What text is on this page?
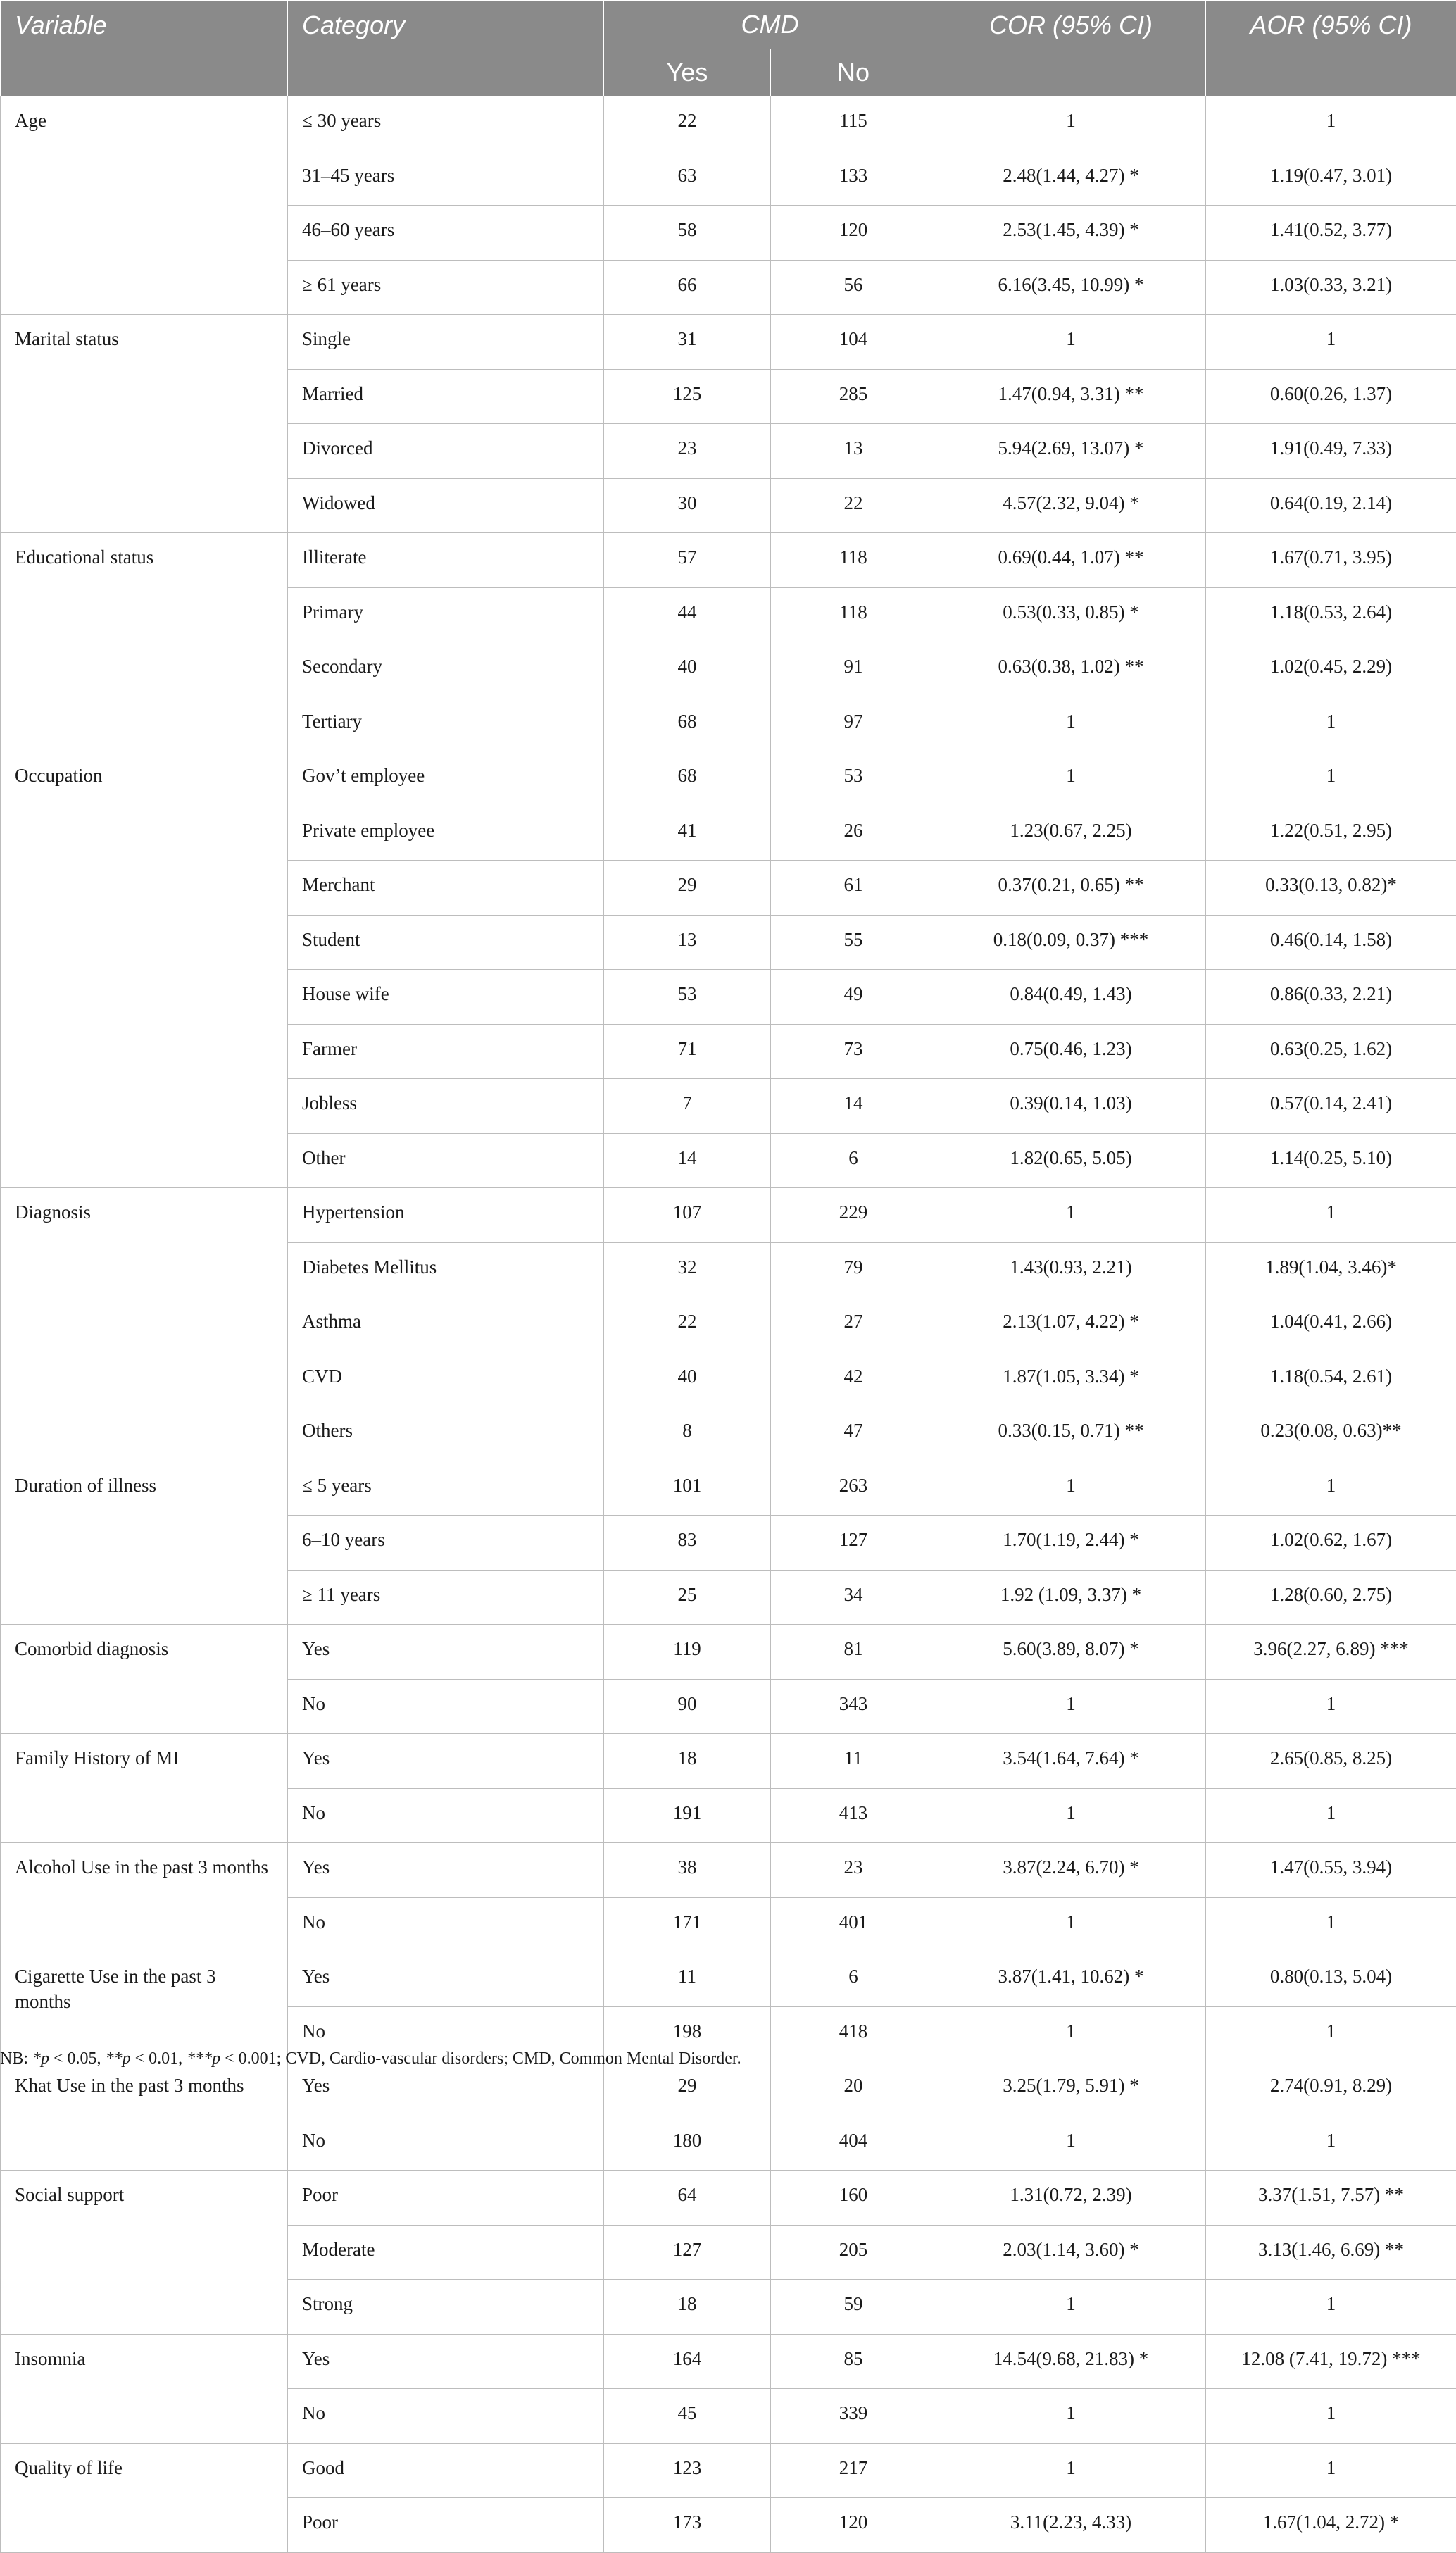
Variable	Category	CMD		COR (95% CI)	AOR (95% CI)
		Yes	No		
Age	≤ 30 years	22	115	1	1
	31–45 years	63	133	2.48(1.44, 4.27) *	1.19(0.47, 3.01)
	46–60 years	58	120	2.53(1.45, 4.39) *	1.41(0.52, 3.77)
	≥ 61 years	66	56	6.16(3.45, 10.99) *	1.03(0.33, 3.21)
Marital status	Single	31	104	1	1
	Married	125	285	1.47(0.94, 3.31) **	0.60(0.26, 1.37)
	Divorced	23	13	5.94(2.69, 13.07) *	1.91(0.49, 7.33)
	Widowed	30	22	4.57(2.32, 9.04) *	0.64(0.19, 2.14)
Educational status	Illiterate	57	118	0.69(0.44, 1.07) **	1.67(0.71, 3.95)
	Primary	44	118	0.53(0.33, 0.85) *	1.18(0.53, 2.64)
	Secondary	40	91	0.63(0.38, 1.02) **	1.02(0.45, 2.29)
	Tertiary	68	97	1	1
Occupation	Gov’t employee	68	53	1	1
	Private employee	41	26	1.23(0.67, 2.25)	1.22(0.51, 2.95)
	Merchant	29	61	0.37(0.21, 0.65) **	0.33(0.13, 0.82)*
	Student	13	55	0.18(0.09, 0.37) ***	0.46(0.14, 1.58)
	House wife	53	49	0.84(0.49, 1.43)	0.86(0.33, 2.21)
	Farmer	71	73	0.75(0.46, 1.23)	0.63(0.25, 1.62)
	Jobless	7	14	0.39(0.14, 1.03)	0.57(0.14, 2.41)
	Other	14	6	1.82(0.65, 5.05)	1.14(0.25, 5.10)
Diagnosis	Hypertension	107	229	1	1
	Diabetes Mellitus	32	79	1.43(0.93, 2.21)	1.89(1.04, 3.46)*
	Asthma	22	27	2.13(1.07, 4.22) *	1.04(0.41, 2.66)
	CVD	40	42	1.87(1.05, 3.34) *	1.18(0.54, 2.61)
	Others	8	47	0.33(0.15, 0.71) **	0.23(0.08, 0.63)**
Duration of illness	≤ 5 years	101	263	1	1
	6–10 years	83	127	1.70(1.19, 2.44) *	1.02(0.62, 1.67)
	≥ 11 years	25	34	1.92 (1.09, 3.37) *	1.28(0.60, 2.75)
Comorbid diagnosis	Yes	119	81	5.60(3.89, 8.07) *	3.96(2.27, 6.89) ***
	No	90	343	1	1
Family History of MI	Yes	18	11	3.54(1.64, 7.64) *	2.65(0.85, 8.25)
	No	191	413	1	1
Alcohol Use in the past 3 months	Yes	38	23	3.87(2.24, 6.70) *	1.47(0.55, 3.94)
	No	171	401	1	1
Cigarette Use in the past 3 months	Yes	11	6	3.87(1.41, 10.62) *	0.80(0.13, 5.04)
	No	198	418	1	1
Khat Use in the past 3 months	Yes	29	20	3.25(1.79, 5.91) *	2.74(0.91, 8.29)
	No	180	404	1	1
Social support	Poor	64	160	1.31(0.72, 2.39)	3.37(1.51, 7.57) **
	Moderate	127	205	2.03(1.14, 3.60) *	3.13(1.46, 6.69) **
	Strong	18	59	1	1
Insomnia	Yes	164	85	14.54(9.68, 21.83) *	12.08 (7.41, 19.72) ***
	No	45	339	1	1
Quality of life	Good	123	217	1	1
	Poor	173	120	3.11(2.23, 4.33)	1.67(1.04, 2.72) *
NB: *p < 0.05, **p < 0.01, ***p < 0.001; CVD, Cardio-vascular disorders; CMD, Common Mental Disorder.
